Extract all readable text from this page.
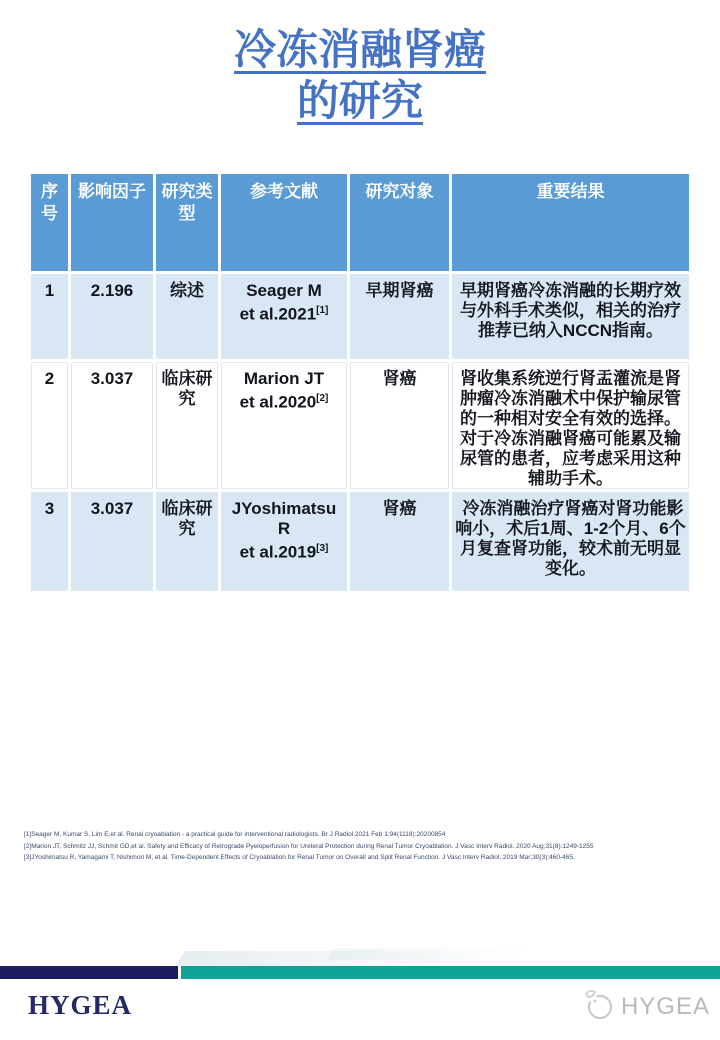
冷冻消融肾癌
的研究
序号	影响因子	研究类型	参考文献	研究对象	重要结果
1	2.196	综述	Seager M
et al.2021[1]	早期肾癌	早期肾癌冷冻消融的长期疗效与外科手术类似，相关的治疗推荐已纳入NCCN指南。
2	3.037	临床研究	Marion JT
et al.2020[2]	肾癌	肾收集系统逆行肾盂灌流是肾肿瘤冷冻消融术中保护输尿管的一种相对安全有效的选择。对于冷冻消融肾癌可能累及输尿管的患者，应考虑采用这种辅助手术。
3	3.037	临床研究	JYoshimatsu R
et al.2019[3]	肾癌	冷冻消融治疗肾癌对肾功能影响小，术后1周、1-2个月、6个月复查肾功能，较术前无明显变化。
[1]Seager M, Kumar S, Lim E,et al. Renal cryoablation - a practical guide for interventional radiologists. Br J Radiol.2021 Feb 1;94(1118):20200854
[2]Marion JT, Schmitz JJ, Schmit GD,et al. Safety and Efficacy of Retrograde Pyeloperfusion for Ureteral Protection during Renal Tumor Cryoablation. J Vasc Interv Radiol. 2020 Aug;31(8):1249-1255
[3]JYoshimatsu R, Yamagami T, Nishimori M, et al. Time-Dependent Effects of Cryoablation for Renal Tumor on Overall and Split Renal Function. J Vasc Interv Radiol. 2019 Mar;30(3):460-465.
HYGEA	HYGEA
